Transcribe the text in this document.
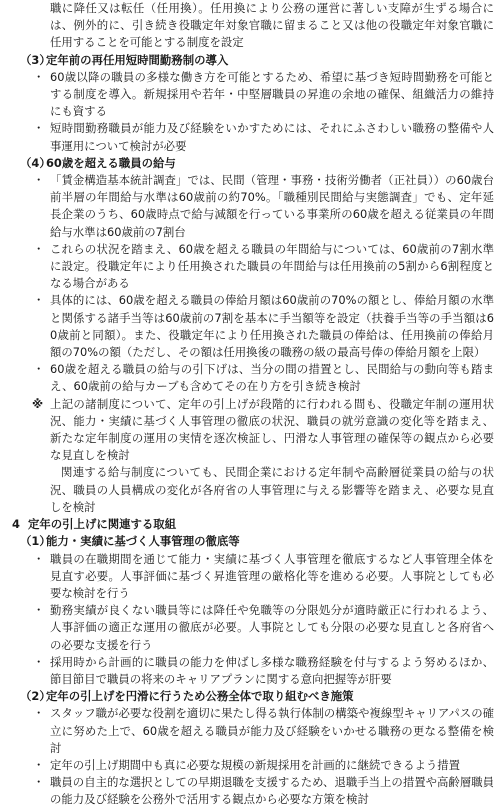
職に降任又は転任（任用換）。任用換により公務の運営に著しい支障が生ずる場合には、例外的に、引き続き役職定年対象官職に留まること又は他の役職定年対象官職に任用することを可能とする制度を設定

（3）
定年前の再任用短時間勤務制の導入

・ 60歳以降の職員の多様な働き方を可能とするため、希望に基づき短時間勤務を可能とする制度を導入。新規採用や若年・中堅層職員の昇進の余地の確保、組織活力の維持にも資する

・ 短時間勤務職員が能力及び経験をいかすためには、それにふさわしい職務の整備や人事運用について検討が必要

（4）
60歳を超える職員の給与

・ 「賃金構造基本統計調査」では、民間（管理・事務・技術労働者（正社員））の60歳台前半層の年間給与水準は60歳前の約70%。「職種別民間給与実態調査」でも、定年延長企業のうち、60歳時点で給与減額を行っている事業所の60歳を超える従業員の年間給与水準は60歳前の7割台

・ これらの状況を踏まえ、60歳を超える職員の年間給与については、60歳前の7割水準に設定。役職定年により任用換された職員の年間給与は任用換前の5割から6割程度となる場合がある

・ 具体的には、60歳を超える職員の俸給月額は60歳前の70%の額とし、俸給月額の水準と関係する諸手当等は60歳前の7割を基本に手当額等を設定（扶養手当等の手当額は60歳前と同額）。また、役職定年により任用換された職員の俸給は、任用換前の俸給月額の70%の額（ただし、その額は任用換後の職務の級の最高号俸の俸給月額を上限）

・ 60歳を超える職員の給与の引下げは、当分の間の措置とし、民間給与の動向等も踏まえ、60歳前の給与カーブも含めてその在り方を引き続き検討

※ 上記の諸制度について、定年の引上げが段階的に行われる間も、役職定年制の運用状況、能力・実績に基づく人事管理の徹底の状況、職員の就労意識の変化等を踏まえ、新たな定年制度の運用の実情を逐次検証し、円滑な人事管理の確保等の観点から必要な見直しを検討

関連する給与制度についても、民間企業における定年制や高齢層従業員の給与の状況、職員の人員構成の変化が各府省の人事管理に与える影響等を踏まえ、必要な見直しを検討

4 定年の引上げに関連する取組

（1）
能力・実績に基づく人事管理の徹底等

・ 職員の在職期間を通じて能力・実績に基づく人事管理を徹底するなど人事管理全体を見直す必要。人事評価に基づく昇進管理の厳格化等を進める必要。人事院としても必要な検討を行う

・ 勤務実績が良くない職員等には降任や免職等の分限処分が適時厳正に行われるよう、人事評価の適正な運用の徹底が必要。人事院としても分限の必要な見直しと各府省への必要な支援を行う

・ 採用時から計画的に職員の能力を伸ばし多様な職務経験を付与するよう努めるほか、節目節目で職員の将来のキャリアプランに関する意向把握等が肝要

（2）
定年の引上げを円滑に行うため公務全体で取り組むべき施策

・ スタッフ職が必要な役割を適切に果たし得る執行体制の構築や複線型キャリアパスの確立に努めた上で、60歳を超える職員が能力及び経験をいかせる職務の更なる整備を検討

・ 定年の引上げ期間中も真に必要な規模の新規採用を計画的に継続できるよう措置

・ 職員の自主的な選択としての早期退職を支援するため、退職手当上の措置や高齢層職員の能力及び経験を公務外で活用する観点から必要な方策を検討
